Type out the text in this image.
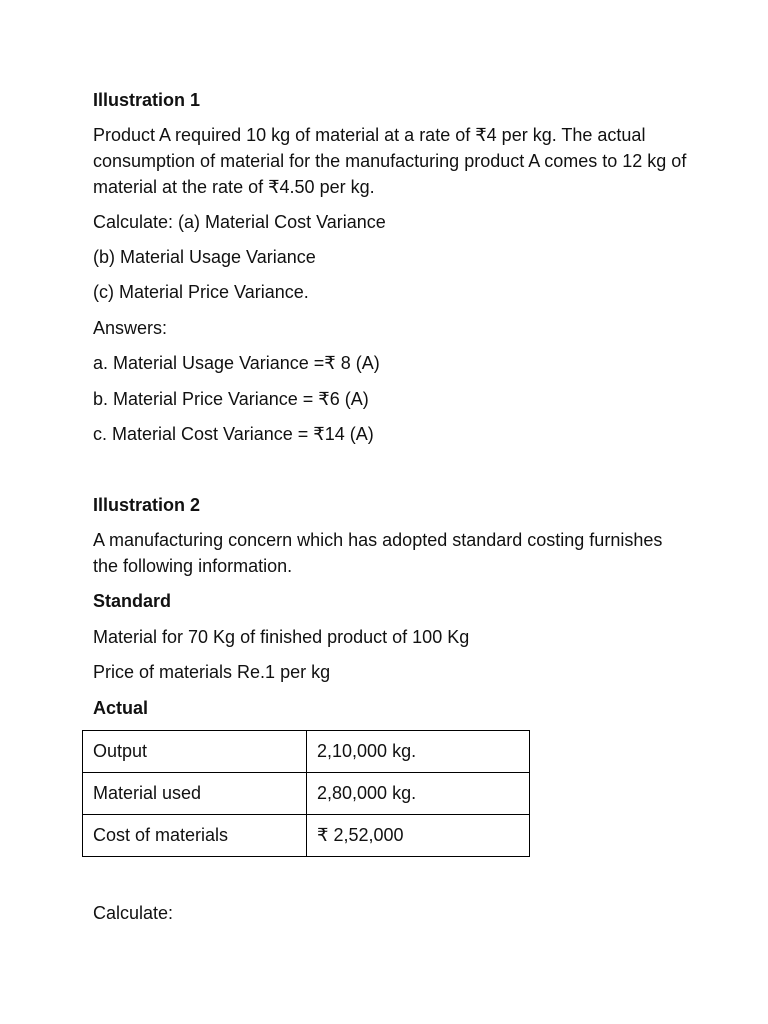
Illustration 1

Product A required 10 kg of material at a rate of ₹4 per kg. The actual consumption of material for the manufacturing product A comes to 12 kg of material at the rate of ₹4.50 per kg.

Calculate: (a) Material Cost Variance

(b) Material Usage Variance

(c) Material Price Variance.

Answers:

a. Material Usage Variance =₹ 8 (A)

b. Material Price Variance = ₹6 (A)

c. Material Cost Variance = ₹14 (A)

Illustration 2

A manufacturing concern which has adopted standard costing furnishes the following information.

Standard

Material for 70 Kg of finished product of 100 Kg

Price of materials Re.1 per kg

Actual

Output	2,10,000 kg.
Material used	2,80,000 kg.
Cost of materials	₹ 2,52,000

Calculate:
